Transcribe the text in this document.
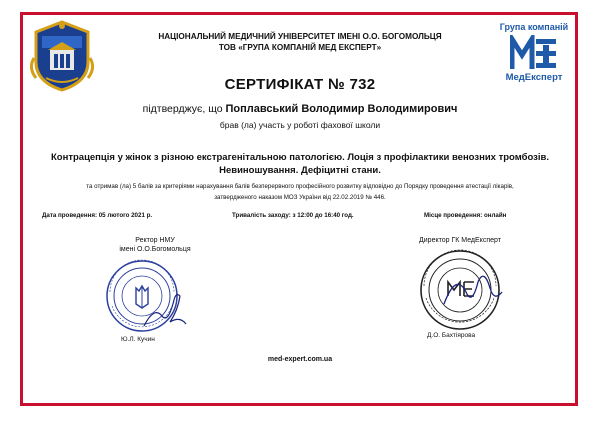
НАЦІОНАЛЬНИЙ МЕДИЧНИЙ УНІВЕРСИТЕТ ІМЕНІ О.О. БОГОМОЛЬЦЯ
ТОВ «ГРУПА КОМПАНІЙ МЕД ЕКСПЕРТ»
Група компаній
МедЕксперт
СЕРТИФІКАТ № 732
підтверджує, що Поплавський Володимир Володимирович
брав (ла) участь у роботі фахової школи
Контрацепція у жінок з різною екстрагенітальною патологією. Лоція з профілактики венозних тромбозів.
Невиношування. Дефіцитні стани.
та отримав (ла) 5 балів за критеріями нарахування балів безперервного професійного розвитку відповідно до Порядку проведення атестації лікарів,
затвердженого наказом МОЗ України від 22.02.2019 № 446.
Дата проведення: 05 лютого 2021 р.	Тривалість заходу: з 12:00 до 16:40 год.	Місце проведення: онлайн
Ректор НМУ
імені О.О.Богомольця
Ю.Л. Кучин
Директор ГК МедЕксперт
Д.О. Бахтіярова
med-expert.com.ua
